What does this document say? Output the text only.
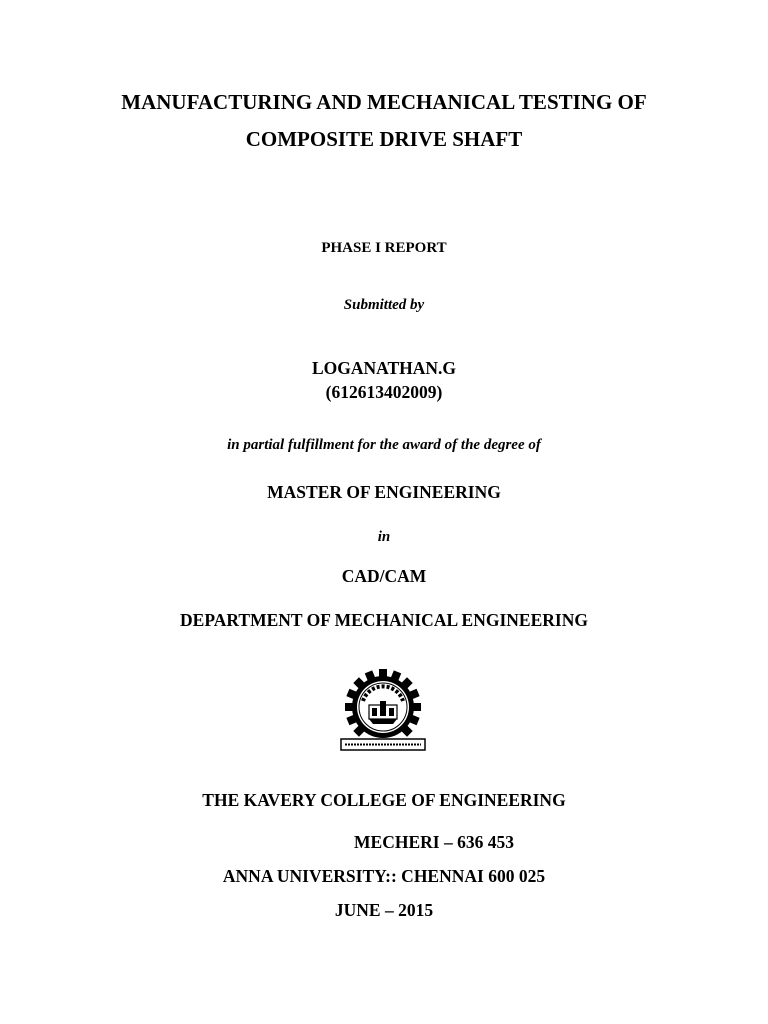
MANUFACTURING AND MECHANICAL TESTING OF
COMPOSITE DRIVE SHAFT
PHASE I REPORT
Submitted by
LOGANATHAN.G
(612613402009)
in partial fulfillment for the award of the degree of
MASTER OF ENGINEERING
in
CAD/CAM
DEPARTMENT OF MECHANICAL ENGINEERING
THE KAVERY COLLEGE OF ENGINEERING
MECHERI – 636 453
ANNA UNIVERSITY:: CHENNAI 600 025
JUNE – 2015
